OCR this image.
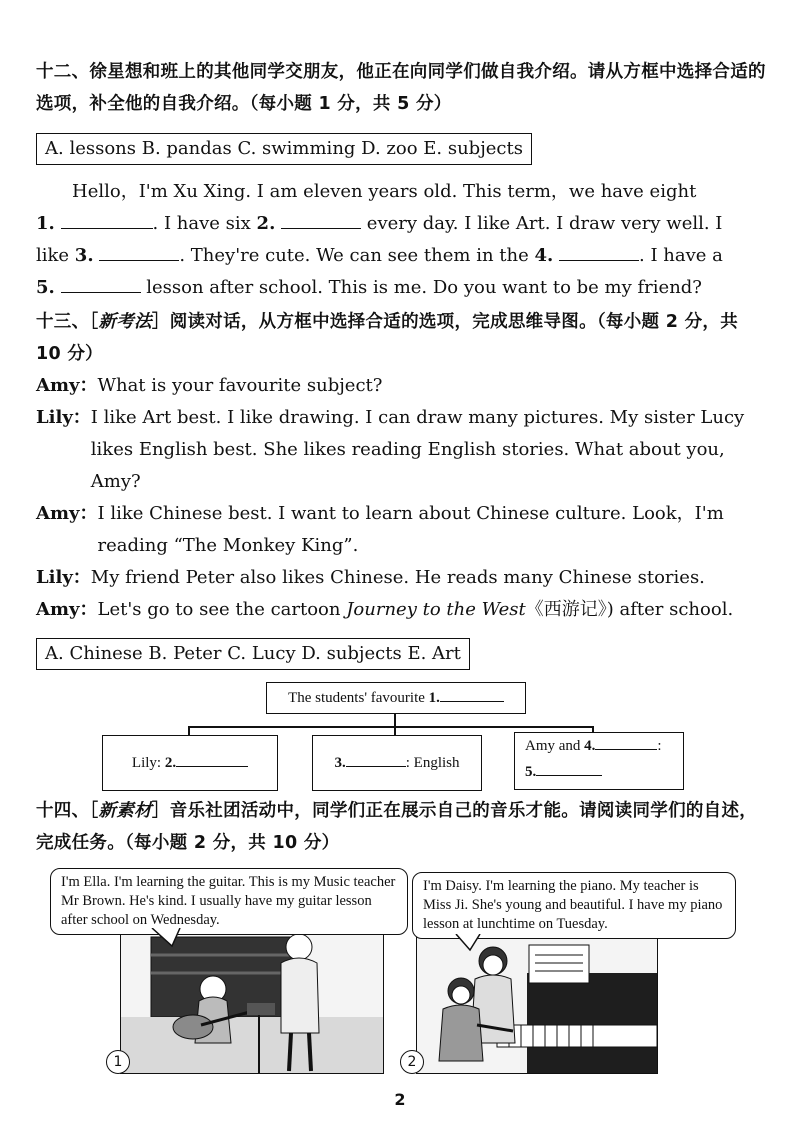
十二、徐星想和班上的其他同学交朋友，他正在向同学们做自我介绍。请从方框中选择合适的选项，补全他的自我介绍。（每小题 1 分，共 5 分）
A. lessons B. pandas C. swimming D. zoo E. subjects
Hello，I'm Xu Xing. I am eleven years old. This term，we have eight
1.	. I have six 2.	every day. I like Art. I draw very well. I
like 3.	. They're cute. We can see them in the 4.	. I have a
5.	lesson after school. This is me. Do you want to be my friend?
十三、［新考法］阅读对话，从方框中选择合适的选项，完成思维导图。（每小题 2 分，共 10 分）
Amy： What is your favourite subject?
Lily： I like Art best. I like drawing. I can draw many pictures. My sister Lucy likes English best. She likes reading English stories. What about you, Amy?
Amy： I like Chinese best. I want to learn about Chinese culture. Look，I'm reading “The Monkey King”.
Lily： My friend Peter also likes Chinese. He reads many Chinese stories.
Amy： Let's go to see the cartoon Journey to the West《西游记》) after school.
A. Chinese B. Peter C. Lucy D. subjects E. Art
The students' favourite 1.
Lily: 2.	3.	: English
Amy and 4.	:
5.
十四、［新素材］音乐社团活动中，同学们正在展示自己的音乐才能。请阅读同学们的自述，完成任务。（每小题 2 分，共 10 分）
1	2
I'm Ella. I'm learning the guitar. This is my Music teacher Mr Brown. He's kind. I usually have my guitar lesson after school on Wednesday.
I'm Daisy. I'm learning the piano. My teacher is Miss Ji. She's young and beautiful. I have my piano lesson at lunchtime on Tuesday.
2
